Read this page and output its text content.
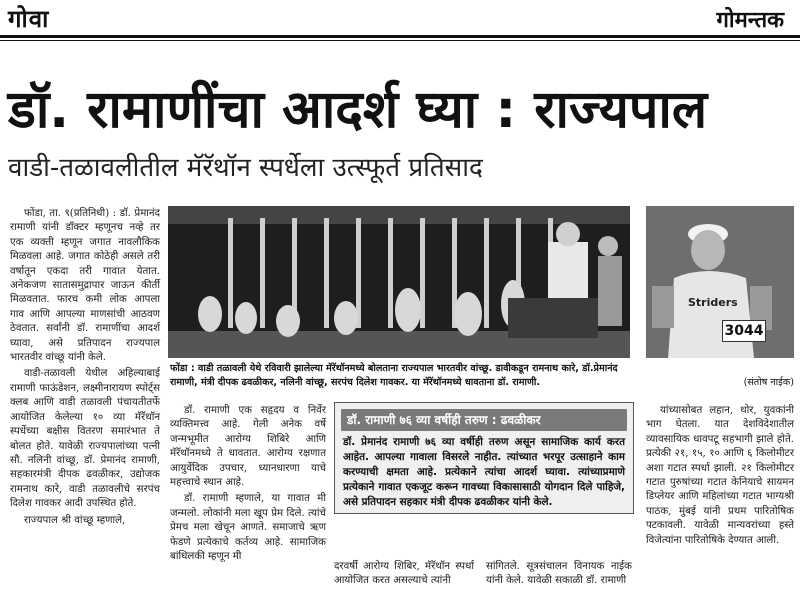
गोवा	गोमन्तक
डॉ. रामाणींचा आदर्श घ्या : राज्यपाल
वाडी-तळावलीतील मॅरॅथॉन स्पर्धेला उत्स्फूर्त प्रतिसाद

फोंडा, ता. ९(प्रतिनिधी) : डॉ. प्रेमानंद रामाणी यांनी डॉक्टर म्हणूनच नव्हे तर एक व्यक्ती म्हणून जगात नावलौकिक मिळवला आहे. जगात कोठेही असले तरी वर्षातून एकदा तरी गावात येतात. अनेकजण सातासमुद्रापार जाऊन कीर्ती मिळवतात. फारच कमी लोक आपला गाव आणि आपल्या माणसांची आठवण ठेवतात. सर्वांनी डॉ. रामाणींचा आदर्श घ्यावा, असे प्रतिपादन राज्यपाल भारतवीर वांच्छू यांनी केले.

वाडी-तळावली येथील अहिल्याबाई रामाणी फाऊंडेशन, लक्ष्मीनारायण स्पोर्ट्स क्लब आणि वाडी तळावली पंचायतीतर्फे आयोजित केलेल्या १० व्या मॅरॅथॉन स्पर्धेच्या बक्षीस वितरण समारंभात ते बोलत होते. यावेळी राज्यपालांच्या पत्नी सौ. नलिनी वांच्छू, डॉ. प्रेमानंद रामाणी, सहकारमंत्री दीपक ढवळीकर, उद्योजक रामनाथ कारे, वाडी तळावलीचे सरपंच दिलेश गावकर आदी उपस्थित होते.

राज्यपाल श्री वांच्छू म्हणाले,

Striders
3044
फोंडा : वाडी तळावली येथे रविवारी झालेल्या मॅरॅथॉनमध्ये बोलताना राज्यपाल भारतवीर वांच्छू. डावीकडून रामनाथ कारे, डॉ.प्रेमानंद रामाणी, मंत्री दीपक ढवळीकर, नलिनी वांच्छू, सरपंच दिलेश गावकर. या मॅरॅथॉनमध्ये धावताना डॉ. रामाणी.	(संतोष नाईक)

डॉ. रामाणी एक सहृदय व निर्वेर व्यक्तिमत्त्व आहे. गेली अनेक वर्षे जन्मभूमीत आरोग्य शिबिरे आणि मॅरॅथॉनमध्ये ते धावतात. आरोग्य रक्षणात आयुर्वेदिक उपचार, ध्यानधारणा याचे महत्त्वाचे स्थान आहे.

डॉ. रामाणी म्हणाले, या गावात मी जन्मलो. लोकांनी मला खूप प्रेम दिले. त्यांचे प्रेमच मला खेचून आणते. समाजाचे ऋण फेडणे प्रत्येकाचे कर्तव्य आहे. सामाजिक बांधिलकी म्हणून मी

डॉ. रामाणी ७६ व्या वर्षीही तरुण : ढवळीकर
डॉ. प्रेमानंद रामाणी ७६ व्या वर्षीही तरुण असून सामाजिक कार्य करत आहेत. आपल्या गावाला विसरले नाहीत. त्यांच्यात भरपूर उत्साहाने काम करण्याची क्षमता आहे. प्रत्येकाने त्यांचा आदर्श घ्यावा. त्यांच्याप्रमाणे प्रत्येकाने गावात एकजूट करून गावच्या विकासासाठी योगदान दिले पाहिजे, असे प्रतिपादन सहकार मंत्री दीपक ढवळीकर यांनी केले.
दरवर्षी आरोग्य शिबिर, मॅरॅथॉन स्पर्धा आयोजित करत असल्याचे त्यांनी
सांगितले. सूत्रसंचालन विनायक नाईक यांनी केले. यावेळी सकाळी डॉ. रामाणी

यांच्यासोबत लहान, थोर, युवकांनी भाग घेतला. यात देशविदेशातील व्यावसायिक धावपटू सहभागी झाले होते. प्रत्येकी २१, १५, १० आणि ६ किलोमीटर अशा गटात स्पर्धा झाली. २१ किलोमीटर गटात पुरुषांच्या गटात केनियाचे सायमन डिप्लेयर आणि महिलांच्या गटात भाग्यश्री पाठक, मुंबई यांनी प्रथम पारितोषिक पटकावली. यावेळी मान्यवरांच्या हस्ते विजेत्यांना पारितोषिके देण्यात आली.
